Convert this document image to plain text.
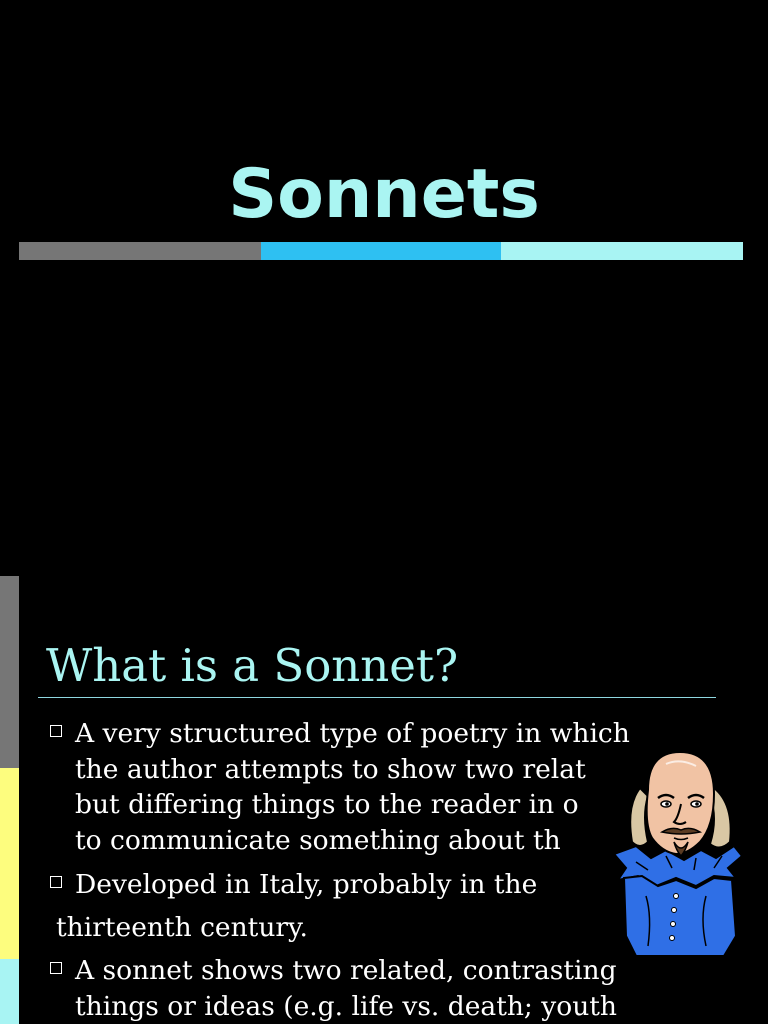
Sonnets
What is a Sonnet?
A very structured type of poetry in which
the author attempts to show two relat
but differing things to the reader in o
to communicate something about th
Developed in Italy, probably in the
thirteenth century.
A sonnet shows two related, contrasting
things or ideas (e.g. life vs. death; youth
